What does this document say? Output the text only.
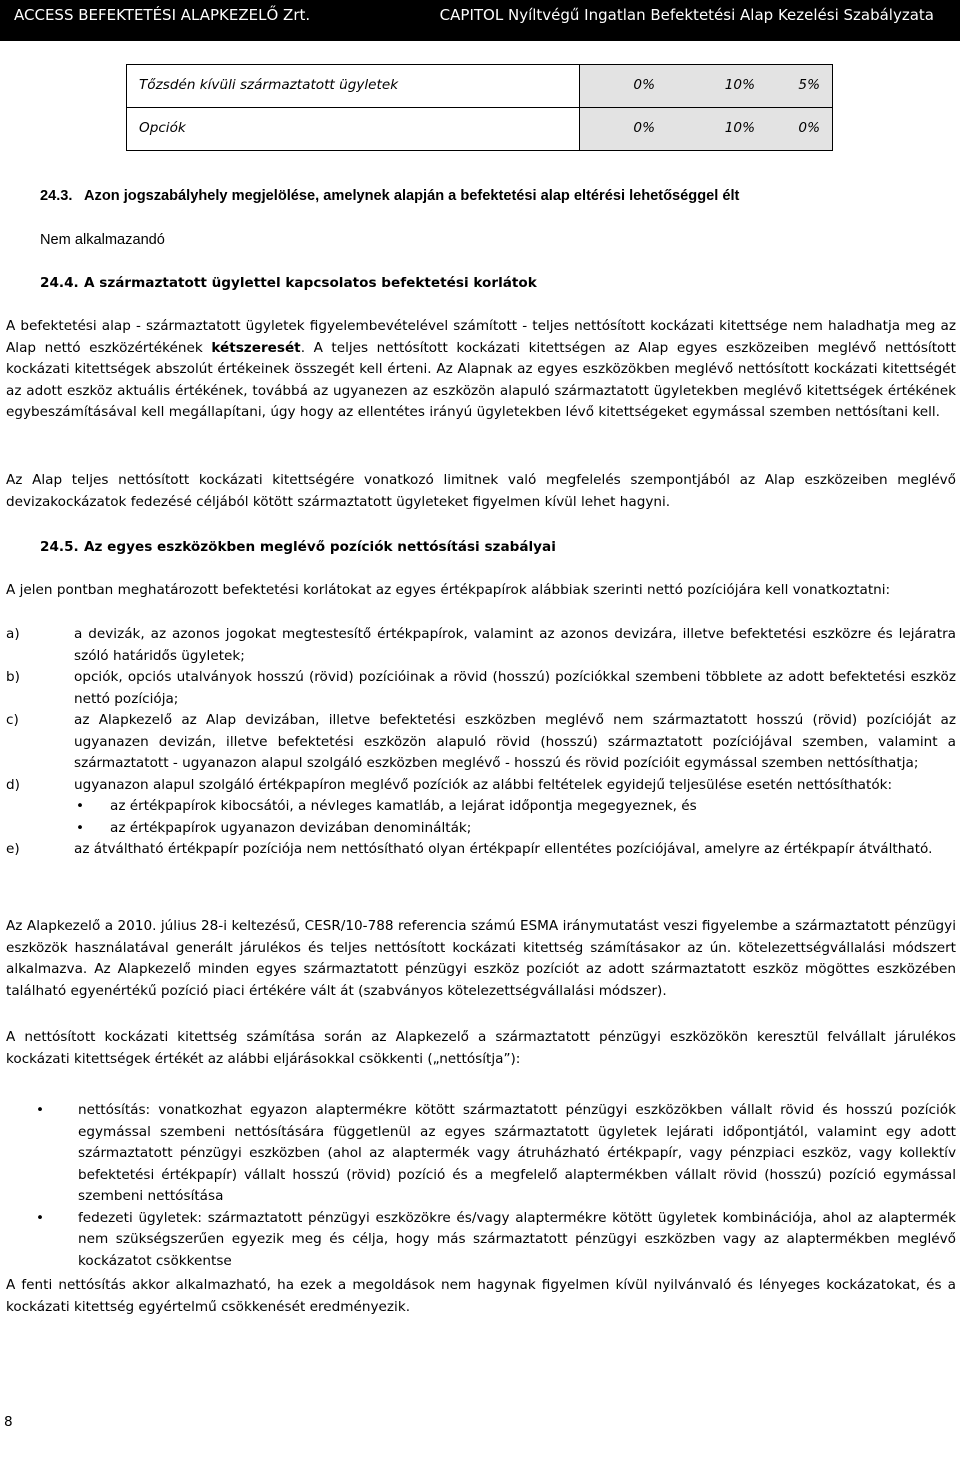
ACCESS BEFEKTETÉSI ALAPKEZELŐ Zrt.	CAPITOL Nyíltvégű Ingatlan Befektetési Alap Kezelési Szabályzata
Tőzsdén kívüli származtatott ügyletek	0%	10%	5%
Opciók	0%	10%	0%
24.3. Azon jogszabályhely megjelölése, amelynek alapján a befektetési alap eltérési lehetőséggel élt
Nem alkalmazandó
24.4. A származtatott ügylettel kapcsolatos befektetési korlátok

A befektetési alap - származtatott ügyletek figyelembevételével számított - teljes nettósított kockázati kitettsége nem haladhatja meg az Alap nettó eszközértékének kétszeresét. A teljes nettósított kockázati kitettségen az Alap egyes eszközeiben meglévő nettósított kockázati kitettségek abszolút értékeinek összegét kell érteni. Az Alapnak az egyes eszközökben meglévő nettósított kockázati kitettségét az adott eszköz aktuális értékének, továbbá az ugyanezen az eszközön alapuló származtatott ügyletekben meglévő kitettségek értékének egybeszámításával kell megállapítani, úgy hogy az ellentétes irányú ügyletekben lévő kitettségeket egymással szemben nettósítani kell.

Az Alap teljes nettósított kockázati kitettségére vonatkozó limitnek való megfelelés szempontjából az Alap eszközeiben meglévő devizakockázatok fedezésé céljából kötött származtatott ügyleteket figyelmen kívül lehet hagyni.

24.5. Az egyes eszközökben meglévő pozíciók nettósítási szabályai

A jelen pontban meghatározott befektetési korlátokat az egyes értékpapírok alábbiak szerinti nettó pozíciójára kell vonatkoztatni:

a)	a devizák, az azonos jogokat megtestesítő értékpapírok, valamint az azonos devizára, illetve befektetési eszközre és lejáratra szóló határidős ügyletek;
b)	opciók, opciós utalványok hosszú (rövid) pozícióinak a rövid (hosszú) pozíciókkal szembeni többlete az adott befektetési eszköz nettó pozíciója;
c)	az Alapkezelő az Alap devizában, illetve befektetési eszközben meglévő nem származtatott hosszú (rövid) pozícióját az ugyanazen devizán, illetve befektetési eszközön alapuló rövid (hosszú) származtatott pozíciójával szemben, valamint a származtatott - ugyanazon alapul szolgáló eszközben meglévő - hosszú és rövid pozícióit egymással szemben nettósíthatja;
d)	ugyanazon alapul szolgáló értékpapíron meglévő pozíciók az alábbi feltételek egyidejű teljesülése esetén nettósíthatók:
•	az értékpapírok kibocsátói, a névleges kamatláb, a lejárat időpontja megegyeznek, és
•	az értékpapírok ugyanazon devizában denominálták;
e)	az átváltható értékpapír pozíciója nem nettósítható olyan értékpapír ellentétes pozíciójával, amelyre az értékpapír átváltható.

Az Alapkezelő a 2010. július 28-i keltezésű, CESR/10-788 referencia számú ESMA iránymutatást veszi figyelembe a származtatott pénzügyi eszközök használatával generált járulékos és teljes nettósított kockázati kitettség számításakor az ún. kötelezettségvállalási módszert alkalmazva. Az Alapkezelő minden egyes származtatott pénzügyi eszköz pozíciót az adott származtatott eszköz mögöttes eszközében található egyenértékű pozíció piaci értékére vált át (szabványos kötelezettségvállalási módszer).

A nettósított kockázati kitettség számítása során az Alapkezelő a származtatott pénzügyi eszközökön keresztül felvállalt járulékos kockázati kitettségek értékét az alábbi eljárásokkal csökkenti („nettósítja”):

•	nettósítás: vonatkozhat egyazon alaptermékre kötött származtatott pénzügyi eszközökben vállalt rövid és hosszú pozíciók egymással szembeni nettósítására függetlenül az egyes származtatott ügyletek lejárati időpontjától, valamint egy adott származtatott pénzügyi eszközben (ahol az alaptermék vagy átruházható értékpapír, vagy pénzpiaci eszköz, vagy kollektív befektetési értékpapír) vállalt hosszú (rövid) pozíció és a megfelelő alaptermékben vállalt rövid (hosszú) pozíció egymással szembeni nettósítása
•	fedezeti ügyletek: származtatott pénzügyi eszközökre és/vagy alaptermékre kötött ügyletek kombinációja, ahol az alaptermék nem szükségszerűen egyezik meg és célja, hogy más származtatott pénzügyi eszközben vagy az alaptermékben meglévő kockázatot csökkentse

A fenti nettósítás akkor alkalmazható, ha ezek a megoldások nem hagynak figyelmen kívül nyilvánvaló és lényeges kockázatokat, és a kockázati kitettség egyértelmű csökkenését eredményezik.

8
